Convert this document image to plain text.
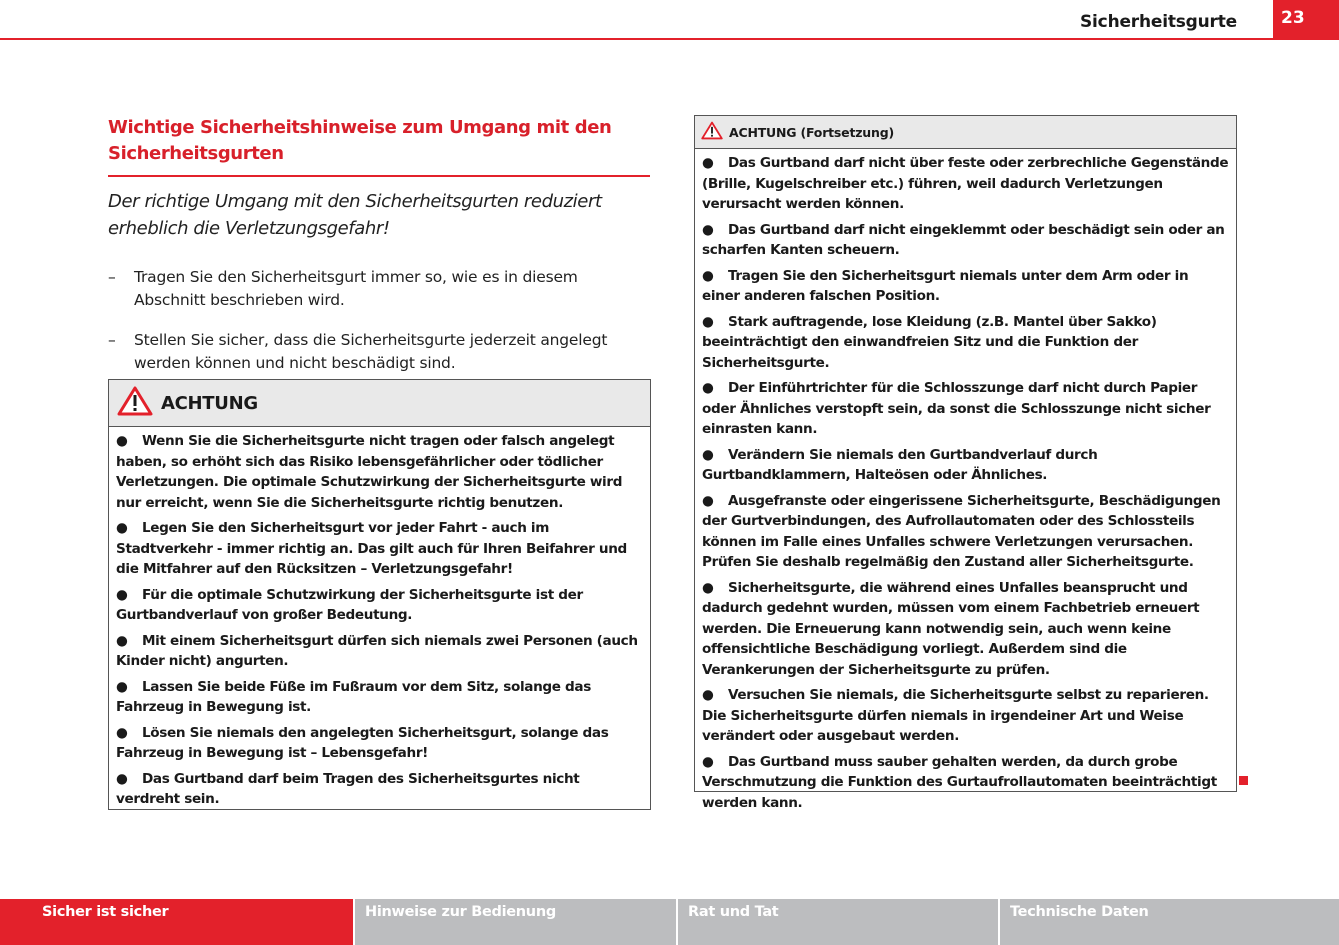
Sicherheitsgurte	23
Wichtige Sicherheitshinweise zum Umgang mit den Sicherheitsgurten
Der richtige Umgang mit den Sicherheitsgurten reduziert erheblich die Verletzungsgefahr!
– Tragen Sie den Sicherheitsgurt immer so, wie es in diesem Abschnitt beschrieben wird.
– Stellen Sie sicher, dass die Sicherheitsgurte jederzeit angelegt werden können und nicht beschädigt sind.
ACHTUNG
● Wenn Sie die Sicherheitsgurte nicht tragen oder falsch angelegt haben, so erhöht sich das Risiko lebensgefährlicher oder tödlicher Verletzungen. Die optimale Schutzwirkung der Sicherheitsgurte wird nur erreicht, wenn Sie die Sicherheitsgurte richtig benutzen.
● Legen Sie den Sicherheitsgurt vor jeder Fahrt - auch im Stadtverkehr - immer richtig an. Das gilt auch für Ihren Beifahrer und die Mitfahrer auf den Rücksitzen – Verletzungsgefahr!
● Für die optimale Schutzwirkung der Sicherheitsgurte ist der Gurtbandverlauf von großer Bedeutung.
● Mit einem Sicherheitsgurt dürfen sich niemals zwei Personen (auch Kinder nicht) angurten.
● Lassen Sie beide Füße im Fußraum vor dem Sitz, solange das Fahrzeug in Bewegung ist.
● Lösen Sie niemals den angelegten Sicherheitsgurt, solange das Fahrzeug in Bewegung ist – Lebensgefahr!
● Das Gurtband darf beim Tragen des Sicherheitsgurtes nicht verdreht sein.
ACHTUNG (Fortsetzung)
● Das Gurtband darf nicht über feste oder zerbrechliche Gegenstände (Brille, Kugelschreiber etc.) führen, weil dadurch Verletzungen verursacht werden können.
● Das Gurtband darf nicht eingeklemmt oder beschädigt sein oder an scharfen Kanten scheuern.
● Tragen Sie den Sicherheitsgurt niemals unter dem Arm oder in einer anderen falschen Position.
● Stark auftragende, lose Kleidung (z.B. Mantel über Sakko) beeinträchtigt den einwandfreien Sitz und die Funktion der Sicherheitsgurte.
● Der Einführtrichter für die Schlosszunge darf nicht durch Papier oder Ähnliches verstopft sein, da sonst die Schlosszunge nicht sicher einrasten kann.
● Verändern Sie niemals den Gurtbandverlauf durch Gurtbandklammern, Halteösen oder Ähnliches.
● Ausgefranste oder eingerissene Sicherheitsgurte, Beschädigungen der Gurtverbindungen, des Aufrollautomaten oder des Schlossteils können im Falle eines Unfalles schwere Verletzungen verursachen. Prüfen Sie deshalb regelmäßig den Zustand aller Sicherheitsgurte.
● Sicherheitsgurte, die während eines Unfalles beansprucht und dadurch gedehnt wurden, müssen vom einem Fachbetrieb erneuert werden. Die Erneuerung kann notwendig sein, auch wenn keine offensichtliche Beschädigung vorliegt. Außerdem sind die Verankerungen der Sicherheitsgurte zu prüfen.
● Versuchen Sie niemals, die Sicherheitsgurte selbst zu reparieren. Die Sicherheitsgurte dürfen niemals in irgendeiner Art und Weise verändert oder ausgebaut werden.
● Das Gurtband muss sauber gehalten werden, da durch grobe Verschmutzung die Funktion des Gurtaufrollautomaten beeinträchtigt werden kann.
Sicher ist sicher	Hinweise zur Bedienung	Rat und Tat	Technische Daten
